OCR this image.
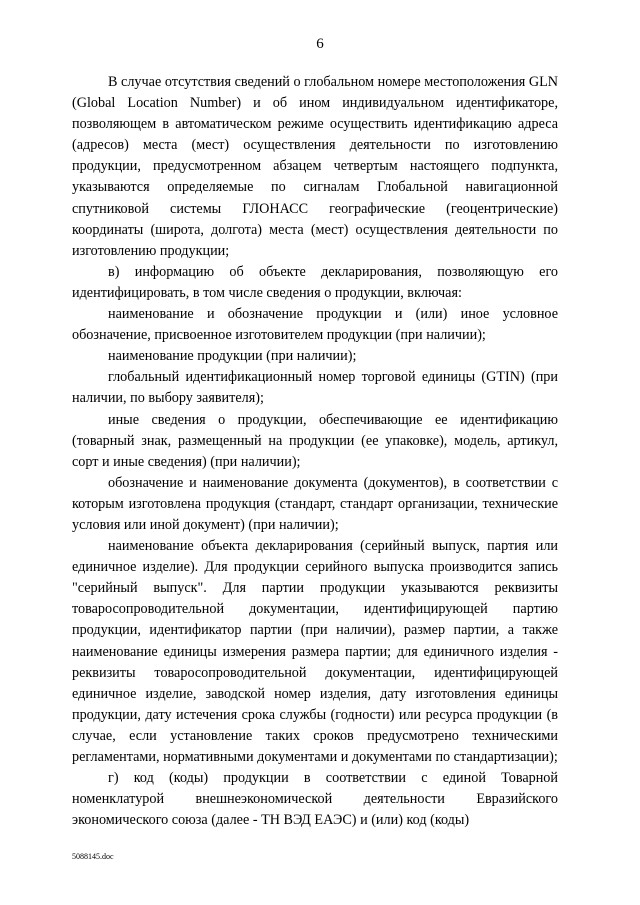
6

В случае отсутствия сведений о глобальном номере местоположения GLN (Global Location Number) и об ином индивидуальном идентификаторе, позволяющем в автоматическом режиме осуществить идентификацию адреса (адресов) места (мест) осуществления деятельности по изготовлению продукции, предусмотренном абзацем четвертым настоящего подпункта, указываются определяемые по сигналам Глобальной навигационной спутниковой системы ГЛОНАСС географические (геоцентрические) координаты (широта, долгота) места (мест) осуществления деятельности по изготовлению продукции;

в) информацию об объекте декларирования, позволяющую его идентифицировать, в том числе сведения о продукции, включая:

наименование и обозначение продукции и (или) иное условное обозначение, присвоенное изготовителем продукции (при наличии);

наименование продукции (при наличии);

глобальный идентификационный номер торговой единицы (GTIN) (при наличии, по выбору заявителя);

иные сведения о продукции, обеспечивающие ее идентификацию (товарный знак, размещенный на продукции (ее упаковке), модель, артикул, сорт и иные сведения) (при наличии);

обозначение и наименование документа (документов), в соответствии с которым изготовлена продукция (стандарт, стандарт организации, технические условия или иной документ) (при наличии);

наименование объекта декларирования (серийный выпуск, партия или единичное изделие). Для продукции серийного выпуска производится запись "серийный выпуск". Для партии продукции указываются реквизиты товаросопроводительной документации, идентифицирующей партию продукции, идентификатор партии (при наличии), размер партии, а также наименование единицы измерения размера партии; для единичного изделия - реквизиты товаросопроводительной документации, идентифицирующей единичное изделие, заводской номер изделия, дату изготовления единицы продукции, дату истечения срока службы (годности) или ресурса продукции (в случае, если установление таких сроков предусмотрено техническими регламентами, нормативными документами и документами по стандартизации);

г) код (коды) продукции в соответствии с единой Товарной номенклатурой внешнеэкономической деятельности Евразийского экономического союза (далее - ТН ВЭД ЕАЭС) и (или) код (коды)

5088145.doc
